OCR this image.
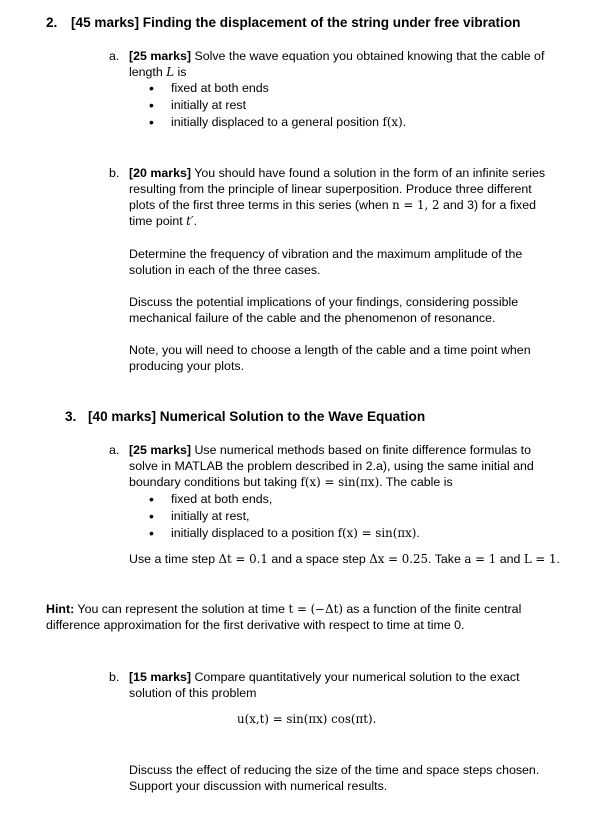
2. [45 marks] Finding the displacement of the string under free vibration
a. [25 marks] Solve the wave equation you obtained knowing that the cable of
length L is
• fixed at both ends
• initially at rest
• initially displaced to a general position f(x).
b. [20 marks] You should have found a solution in the form of an infinite series
resulting from the principle of linear superposition. Produce three different
plots of the first three terms in this series (when n = 1, 2 and 3) for a fixed
time point t′.
Determine the frequency of vibration and the maximum amplitude of the
solution in each of the three cases.
Discuss the potential implications of your findings, considering possible
mechanical failure of the cable and the phenomenon of resonance.
Note, you will need to choose a length of the cable and a time point when
producing your plots.
3. [40 marks] Numerical Solution to the Wave Equation
a. [25 marks] Use numerical methods based on finite difference formulas to
solve in MATLAB the problem described in 2.a), using the same initial and
boundary conditions but taking f(x) = sin(πx). The cable is
• fixed at both ends,
• initially at rest,
• initially displaced to a position f(x) = sin(πx).
Use a time step Δt = 0.1 and a space step Δx = 0.25. Take a = 1 and L = 1.
Hint: You can represent the solution at time t = (−Δt) as a function of the finite central
difference approximation for the first derivative with respect to time at time 0.
b. [15 marks] Compare quantitatively your numerical solution to the exact
solution of this problem
u(x,t) = sin(πx) cos(πt).
Discuss the effect of reducing the size of the time and space steps chosen.
Support your discussion with numerical results.
